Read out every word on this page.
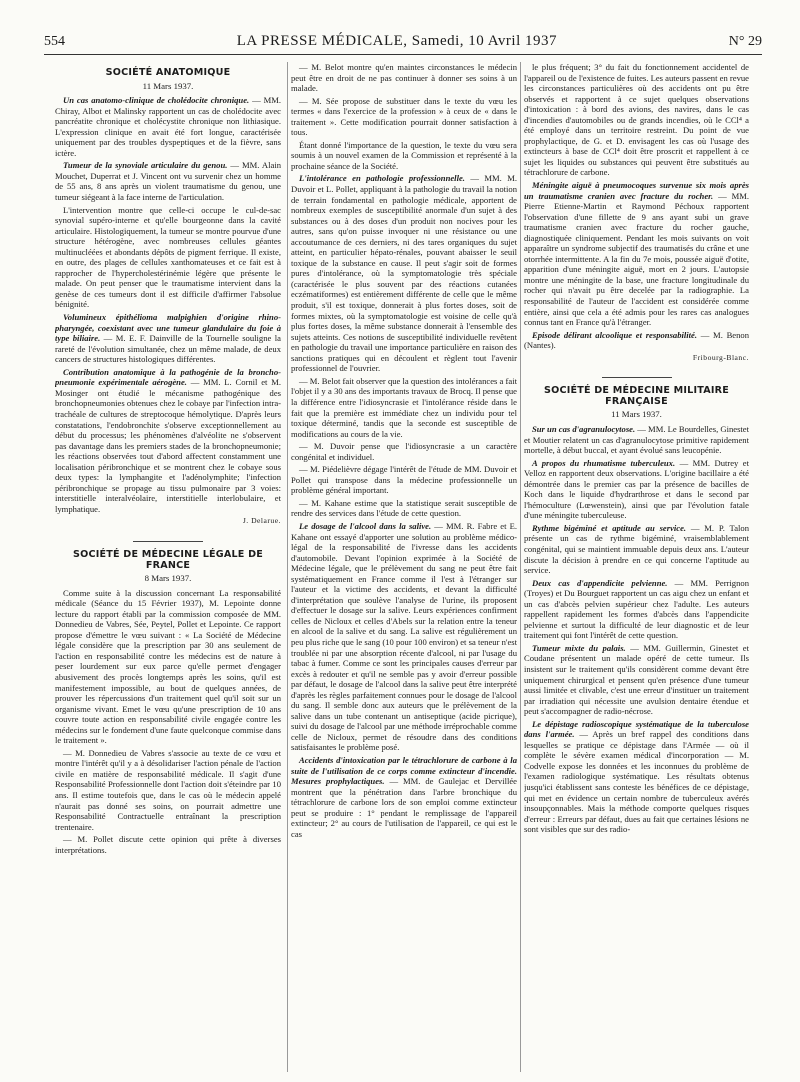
554	LA PRESSE MÉDICALE, Samedi, 10 Avril 1937	N° 29
SOCIÉTÉ ANATOMIQUE
11 Mars 1937.

Un cas anatomo-clinique de cholédocite chronique. — MM. Chiray, Albot et Malinsky rapportent un cas de cholédocite avec pancréatite chronique et cholécystite chronique non lithiasique. L'expression clinique en avait été fort longue, caractérisée uniquement par des troubles dyspeptiques et de la fièvre, sans ictère.

Tumeur de la synoviale articulaire du genou. — MM. Alain Mouchet, Duperrat et J. Vincent ont vu survenir chez un homme de 55 ans, 8 ans après un violent traumatisme du genou, une tumeur siégeant à la face interne de l'articulation.

L'intervention montre que celle-ci occupe le cul-de-sac synovial supéro-interne et qu'elle bourgeonne dans la cavité articulaire. Histologiquement, la tumeur se montre pourvue d'une structure hétérogène, avec nombreuses cellules géantes multinucléées et abondants dépôts de pigment ferrique. Il existe, en outre, des plages de cellules xanthomateuses et ce fait est à rapprocher de l'hypercholestérinémie légère que présente le malade. On peut penser que le traumatisme intervient dans la genèse de ces tumeurs dont il est difficile d'affirmer l'absolue bénignité.

Volumineux épithélioma malpighien d'origine rhino-pharyngée, coexistant avec une tumeur glandulaire du foie à type biliaire. — M. E. F. Dainville de la Tournelle souligne la rareté de l'évolution simultanée, chez un même malade, de deux cancers de structures histologiques différentes.

Contribution anatomique à la pathogénie de la broncho-pneumonie expérimentale aérogène. — MM. L. Cornil et M. Mosinger ont étudié le mécanisme pathogénique des bronchopneumonies obtenues chez le cobaye par l'infection intra-trachéale de cultures de streptocoque hémolytique. D'après leurs constatations, l'endobronchite s'observe exceptionnellement au début du processus; les phénomènes d'alvéolite ne s'observent pas davantage dans les premiers stades de la bronchopneumonie; les réactions observées tout d'abord affectent constamment une localisation péribronchique et se montrent chez le cobaye sous deux types: la lymphangite et l'adénolymphite; l'infection péribronchique se propage au tissu pulmonaire par 3 voies: interstitielle interalvéolaire, interstitielle interlobulaire, et lymphatique.

J. Delarue.
SOCIÉTÉ DE MÉDECINE LÉGALE DE FRANCE
8 Mars 1937.

Comme suite à la discussion concernant La responsabilité médicale (Séance du 15 Février 1937), M. Lepointe donne lecture du rapport établi par la commission composée de MM. Donnedieu de Vabres, Sée, Peytel, Pollet et Lepointe. Ce rapport propose d'émettre le vœu suivant : « La Société de Médecine légale considère que la prescription par 30 ans seulement de l'action en responsabilité contre les médecins est de nature à peser lourdement sur eux parce qu'elle permet d'engager abusivement des procès longtemps après les soins, qu'il est manifestement impossible, au bout de quelques années, de prouver les répercussions d'un traitement quel qu'il soit sur un organisme vivant. Emet le vœu qu'une prescription de 10 ans couvre toute action en responsabilité civile engagée contre les médecins sur le fondement d'une faute quelconque commise dans le traitement ».

— M. Donnedieu de Vabres s'associe au texte de ce vœu et montre l'intérêt qu'il y a à désolidariser l'action pénale de l'action civile en matière de responsabilité médicale. Il s'agit d'une Responsabilité Professionnelle dont l'action doit s'éteindre par 10 ans. Il estime toutefois que, dans le cas où le médecin appelé n'aurait pas donné ses soins, on pourrait admettre une Responsabilité Contractuelle entraînant la prescription trentenaire.

— M. Pollet discute cette opinion qui prête à diverses interprétations.

— M. Belot montre qu'en maintes circonstances le médecin peut être en droit de ne pas continuer à donner ses soins à un malade.

— M. Sée propose de substituer dans le texte du vœu les termes « dans l'exercice de la profession » à ceux de « dans le traitement ». Cette modification pourrait donner satisfaction à tous.

Étant donné l'importance de la question, le texte du vœu sera soumis à un nouvel examen de la Commission et représenté à la prochaine séance de la Société.

L'intolérance en pathologie professionnelle. — MM. M. Duvoir et L. Pollet, appliquant à la pathologie du travail la notion de terrain fondamental en pathologie médicale, apportent de nombreux exemples de susceptibilité anormale d'un sujet à des substances ou à des doses d'un produit non nocives pour les autres, sans qu'on puisse invoquer ni une résistance ou une accoutumance de ces derniers, ni des tares organiques du sujet atteint, en particulier hépato-rénales, pouvant abaisser le seuil toxique de la substance en cause. Il peut s'agir soit de formes pures d'intolérance, où la symptomatologie très spéciale (caractérisée le plus souvent par des réactions cutanées eczématiformes) est entièrement différente de celle que le même produit, s'il est toxique, donnerait à plus fortes doses, soit de formes mixtes, où la symptomatologie est voisine de celle qu'à plus fortes doses, la même substance donnerait à l'ensemble des sujets atteints. Ces notions de susceptibilité individuelle revêtent en pathologie du travail une importance particulière en raison des sanctions pratiques qui en découlent et règlent tout l'avenir professionnel de l'ouvrier.

— M. Belot fait observer que la question des intolérances a fait l'objet il y a 30 ans des importants travaux de Brocq. Il pense que la différence entre l'idiosyncrasie et l'intolérance réside dans le fait que la première est immédiate chez un individu pour tel toxique déterminé, tandis que la seconde est susceptible de modifications au cours de la vie.

— M. Duvoir pense que l'idiosyncrasie a un caractère congénital et individuel.

— M. Piédelièvre dégage l'intérêt de l'étude de MM. Duvoir et Pollet qui transpose dans la médecine professionnelle un problème général important.

— M. Kahane estime que la statistique serait susceptible de rendre des services dans l'étude de cette question.

Le dosage de l'alcool dans la salive. — MM. R. Fabre et E. Kahane ont essayé d'apporter une solution au problème médico-légal de la responsabilité de l'ivresse dans les accidents d'automobile. Devant l'opinion exprimée à la Société de Médecine légale, que le prélèvement du sang ne peut être fait systématiquement en France comme il l'est à l'étranger sur l'auteur et la victime des accidents, et devant la difficulté d'interprétation que soulève l'analyse de l'urine, ils proposent d'effectuer le dosage sur la salive. Leurs expériences confirment celles de Nicloux et celles d'Abels sur la relation entre la teneur en alcool de la salive et du sang. La salive est régulièrement un peu plus riche que le sang (10 pour 100 environ) et sa teneur n'est troublée ni par une absorption récente d'alcool, ni par l'usage du tabac à fumer. Comme ce sont les principales causes d'erreur par excès à redouter et qu'il ne semble pas y avoir d'erreur possible par défaut, le dosage de l'alcool dans la salive peut être interprété d'après les règles parfaitement connues pour le dosage de l'alcool du sang. Il semble donc aux auteurs que le prélèvement de la salive dans un tube contenant un antiseptique (acide picrique), suivi du dosage de l'alcool par une méthode irréprochable comme celle de Nicloux, permet de résoudre dans des conditions satisfaisantes le problème posé.

Accidents d'intoxication par le tétrachlorure de carbone à la suite de l'utilisation de ce corps comme extincteur d'incendie. Mesures prophylactiques. — MM. de Gaulejac et Dervillée montrent que la pénétration dans l'arbre bronchique du tétrachlorure de carbone lors de son emploi comme extincteur peut se produire : 1° pendant le remplissage de l'appareil extincteur; 2° au cours de l'utilisation de l'appareil, ce qui est le cas

le plus fréquent; 3° du fait du fonctionnement accidentel de l'appareil ou de l'existence de fuites. Les auteurs passent en revue les circonstances particulières où des accidents ont pu être observés et rapportent à ce sujet quelques observations d'intoxication : à bord des avions, des navires, dans le cas d'incendies d'automobiles ou de grands incendies, où le CCl⁴ a été employé dans un territoire restreint. Du point de vue prophylactique, de G. et D. envisagent les cas où l'usage des extincteurs à base de CCl⁴ doit être proscrit et rappellent à ce sujet les liquides ou substances qui peuvent être substitués au tétrachlorure de carbone.

Méningite aiguë à pneumocoques survenue six mois après un traumatisme cranien avec fracture du rocher. — MM. Pierre Etienne-Martin et Raymond Péchoux rapportent l'observation d'une fillette de 9 ans ayant subi un grave traumatisme cranien avec fracture du rocher gauche, diagnostiquée cliniquement. Pendant les mois suivants on voit apparaître un syndrome subjectif des traumatisés du crâne et une otorrhée intermittente. A la fin du 7e mois, poussée aiguë d'otite, apparition d'une méningite aiguë, mort en 2 jours. L'autopsie montre une méningite de la base, une fracture longitudinale du rocher qui n'avait pu être decelée par la radiographie. La responsabilité de l'auteur de l'accident est considérée comme entière, ainsi que cela a été admis pour les rares cas analogues connus tant en France qu'à l'étranger.

Episode délirant alcoolique et responsabilité. — M. Benon (Nantes).

Fribourg-Blanc.
SOCIÉTÉ DE MÉDECINE MILITAIRE FRANÇAISE
11 Mars 1937.

Sur un cas d'agranulocytose. — MM. Le Bourdelles, Ginestet et Moutier relatent un cas d'agranulocytose primitive rapidement mortelle, à début buccal, et ayant évolué sans leucopénie.

A propos du rhumatisme tuberculeux. — MM. Dutrey et Velloz en rapportent deux observations. L'origine bacillaire a été démontrée dans le premier cas par la présence de bacilles de Koch dans le liquide d'hydrarthrose et dans le second par l'hémoculture (Lœwenstein), ainsi que par l'évolution fatale d'une méningite tuberculeuse.

Rythme bigéminé et aptitude au service. — M. P. Talon présente un cas de rythme bigéminé, vraisemblablement congénital, qui se maintient immuable depuis deux ans. L'auteur discute la décision à prendre en ce qui concerne l'aptitude au service.

Deux cas d'appendicite pelvienne. — MM. Perrignon (Troyes) et Du Bourguet rapportent un cas aigu chez un enfant et un cas d'abcès pelvien supérieur chez l'adulte. Les auteurs rappellent rapidement les formes d'abcès dans l'appendicite pelvienne et surtout la difficulté de leur diagnostic et de leur traitement qui font l'intérêt de cette question.

Tumeur mixte du palais. — MM. Guillermin, Ginestet et Coudane présentent un malade opéré de cette tumeur. Ils insistent sur le traitement qu'ils considèrent comme devant être uniquement chirurgical et pensent qu'en présence d'une tumeur aussi limitée et clivable, c'est une erreur d'instituer un traitement par irradiation qui nécessite une avulsion dentaire étendue et peut s'accompagner de radio-nécrose.

Le dépistage radioscopique systématique de la tuberculose dans l'armée. — Après un bref rappel des conditions dans lesquelles se pratique ce dépistage dans l'Armée — où il complète le sévère examen médical d'incorporation — M. Codvelle expose les données et les inconnues du problème de l'examen radiologique systématique. Les résultats obtenus jusqu'ici établissent sans conteste les bénéfices de ce dépistage, qui met en évidence un certain nombre de tuberculeux avérés insoupçonnables. Mais la méthode comporte quelques risques d'erreur : Erreurs par défaut, dues au fait que certaines lésions ne sont visibles que sur des radio-
